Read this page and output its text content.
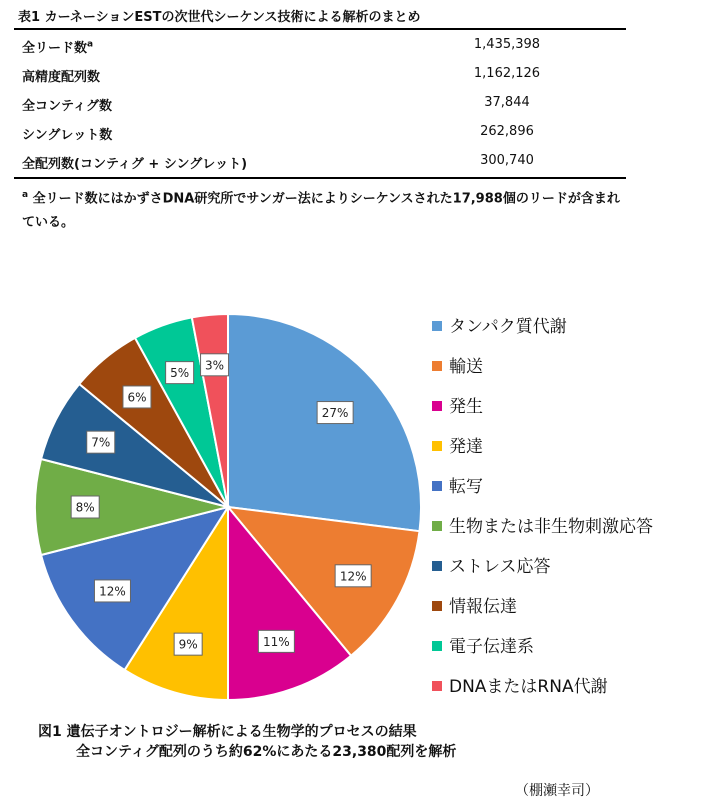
表1 カーネーションESTの次世代シーケンス技術による解析のまとめ
全リード数$^a$	1,435,398
高精度配列数	1,162,126
全コンティグ数	37,844
シングレット数	262,896
全配列数(コンティグ + シングレット)	300,740
$^a$ 全リード数にはかずさDNA研究所でサンガー法によりシーケンスされた17,988個のリードが含まれている。
27%
12%
11%
9%
12%
8%
7%
6%
5%
3%
タンパク質代謝
輸送
発生
発達
転写
生物または非生物刺激応答
ストレス応答
情報伝達
電子伝達系
DNAまたはRNA代謝
図1 遺伝子オントロジー解析による生物学的プロセスの結果
全コンティグ配列のうち約62%にあたる23,380配列を解析
（棚瀬幸司）
